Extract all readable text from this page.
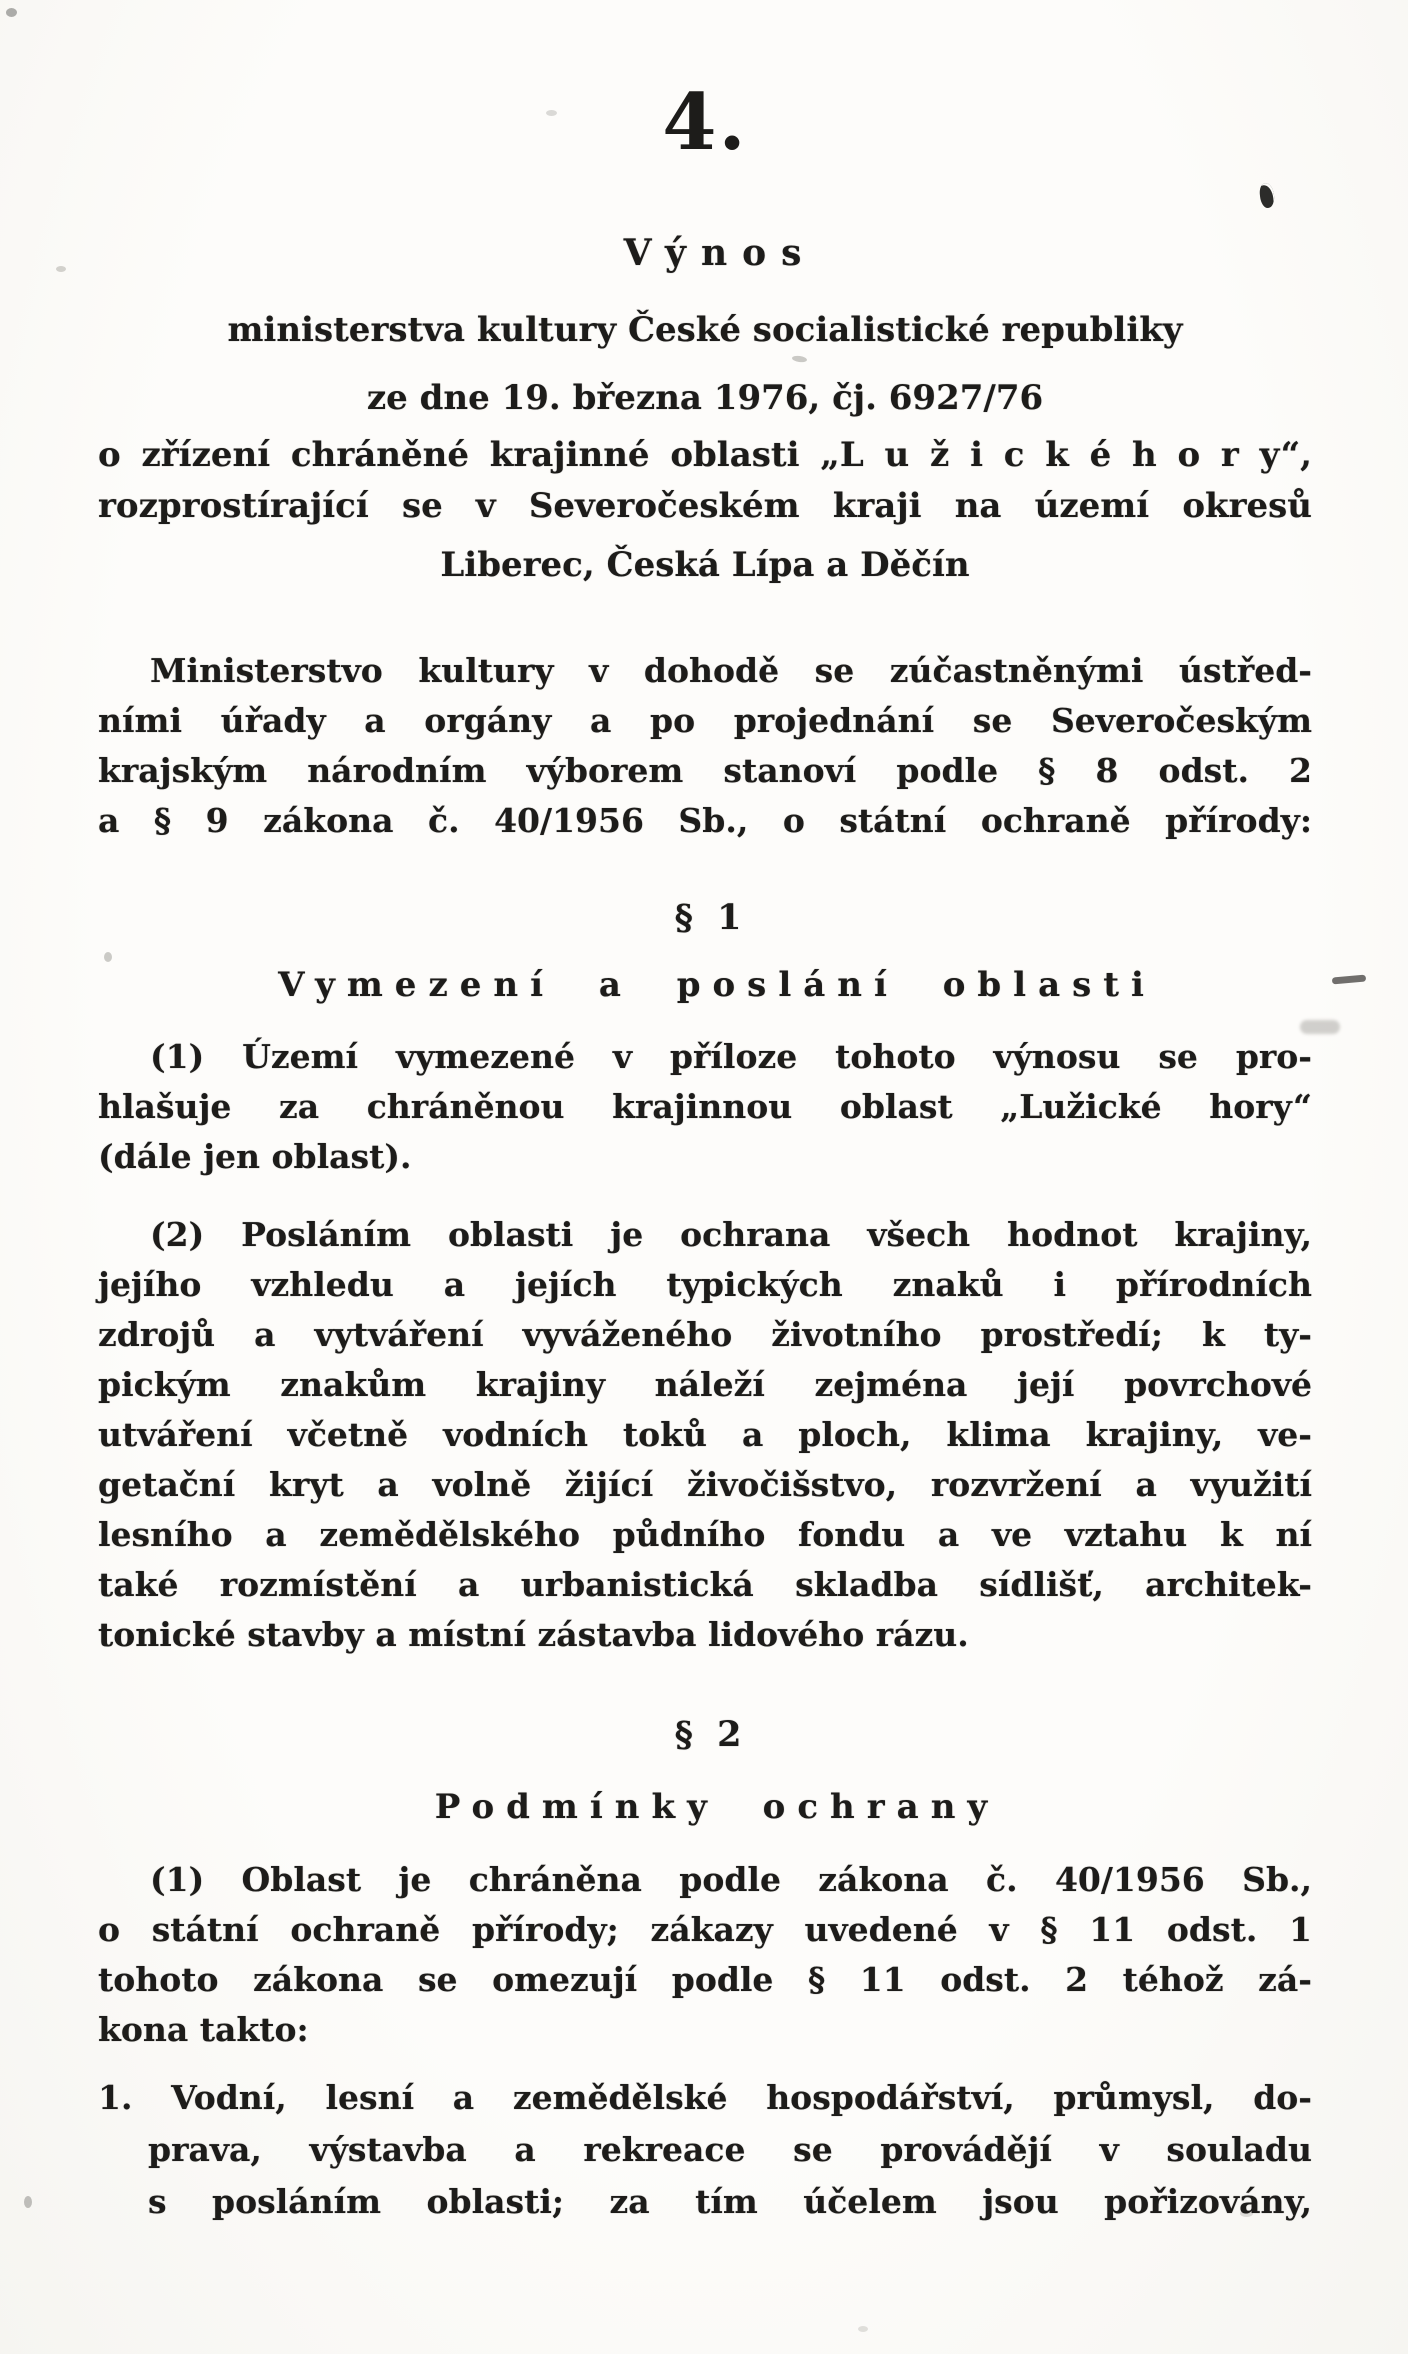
4.
Výnos
ministerstva kultury České socialistické republiky
ze dne 19. března 1976, čj. 6927/76
o zřízení chráněné krajinné oblasti „L u ž i c k é h o r y“,
rozprostírající se v Severočeském kraji na území okresů
Liberec, Česká Lípa a Děčín
Ministerstvo kultury v dohodě se zúčastněnými ústřed-
ními úřady a orgány a po projednání se Severočeským
krajským národním výborem stanoví podle § 8 odst. 2
a § 9 zákona č. 40/1956 Sb., o státní ochraně přírody:
§ 1
Vymezení a poslání oblasti
(1) Území vymezené v příloze tohoto výnosu se pro-
hlašuje za chráněnou krajinnou oblast „Lužické hory“
(dále jen oblast).
(2) Posláním oblasti je ochrana všech hodnot krajiny,
jejího vzhledu a jejích typických znaků i přírodních
zdrojů a vytváření vyváženého životního prostředí; k ty-
pickým znakům krajiny náleží zejména její povrchové
utváření včetně vodních toků a ploch, klima krajiny, ve-
getační kryt a volně žijící živočišstvo, rozvržení a využití
lesního a zemědělského půdního fondu a ve vztahu k ní
také rozmístění a urbanistická skladba sídlišť, architek-
tonické stavby a místní zástavba lidového rázu.
§ 2
Podmínky ochrany
(1) Oblast je chráněna podle zákona č. 40/1956 Sb.,
o státní ochraně přírody; zákazy uvedené v § 11 odst. 1
tohoto zákona se omezují podle § 11 odst. 2 téhož zá-
kona takto:
1. Vodní, lesní a zemědělské hospodářství, průmysl, do-
prava, výstavba a rekreace se provádějí v souladu
s posláním oblasti; za tím účelem jsou pořizovány,
